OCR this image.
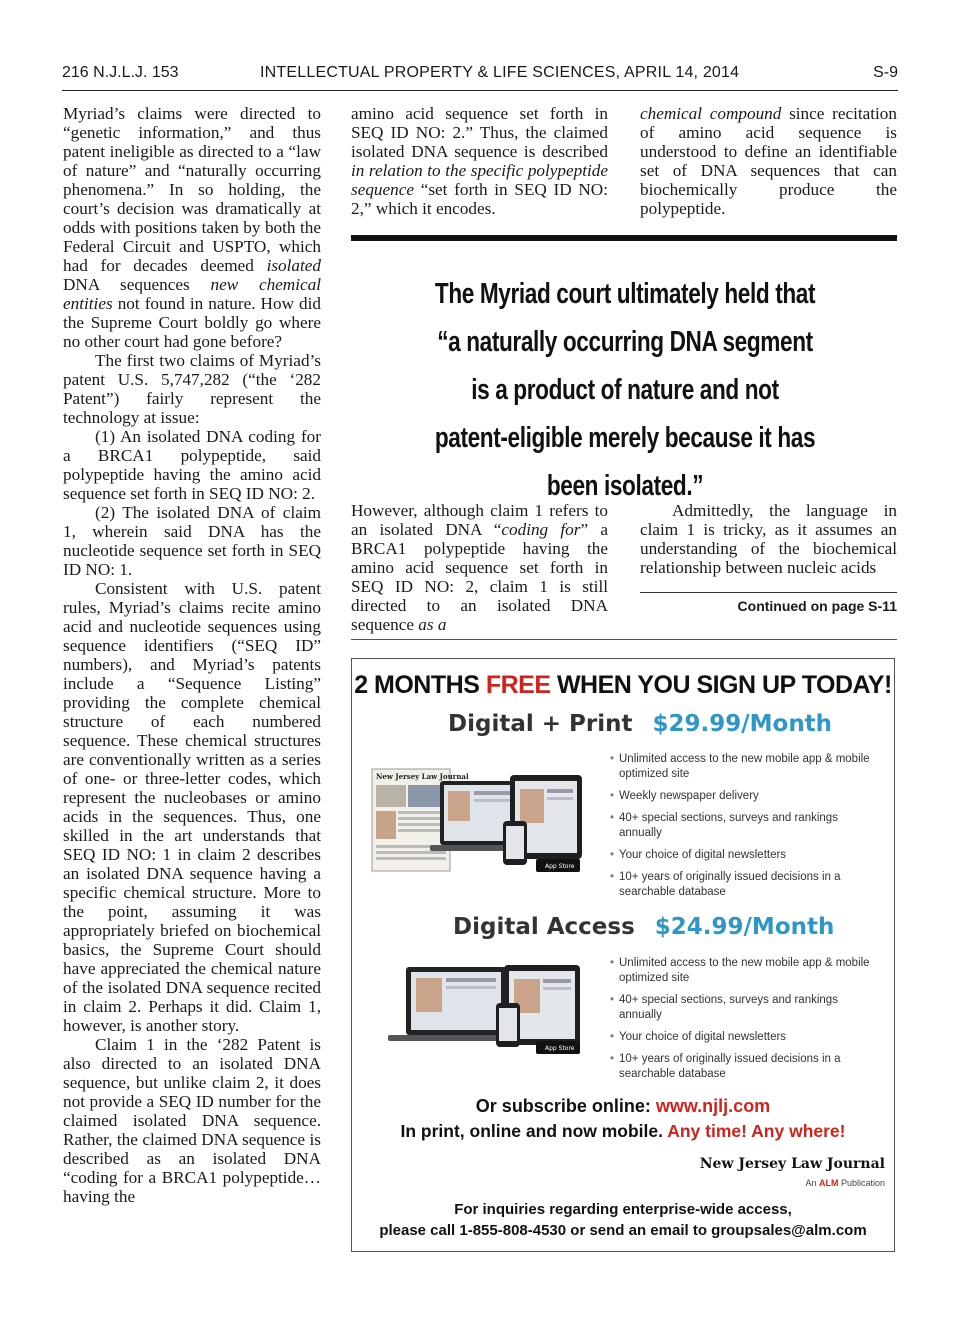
216 N.J.L.J. 153	INTELLECTUAL PROPERTY & LIFE SCIENCES, APRIL 14, 2014	S-9

Myriad’s claims were directed to “genetic information,” and thus patent ineligible as directed to a “law of nature” and “naturally occurring phenomena.” In so holding, the court’s decision was dramatically at odds with positions taken by both the Federal Circuit and USPTO, which had for decades deemed isolated DNA sequences new chemical entities not found in nature. How did the Supreme Court boldly go where no other court had gone before?

The first two claims of Myriad’s patent U.S. 5,747,282 (“the ‘282 Patent”) fairly represent the technology at issue:

(1) An isolated DNA coding for a BRCA1 polypeptide, said polypeptide having the amino acid sequence set forth in SEQ ID NO: 2.

(2) The isolated DNA of claim 1, wherein said DNA has the nucleotide sequence set forth in SEQ ID NO: 1.

Consistent with U.S. patent rules, Myriad’s claims recite amino acid and nucleotide sequences using sequence identifiers (“SEQ ID” numbers), and Myriad’s patents include a “Sequence Listing” providing the complete chemical structure of each numbered sequence. These chemical structures are conventionally written as a series of one- or three-letter codes, which represent the nucleobases or amino acids in the sequences. Thus, one skilled in the art understands that SEQ ID NO: 1 in claim 2 describes an isolated DNA sequence having a specific chemical structure. More to the point, assuming it was appropriately briefed on biochemical basics, the Supreme Court should have appreciated the chemical nature of the isolated DNA sequence recited in claim 2. Perhaps it did. Claim 1, however, is another story.

Claim 1 in the ‘282 Patent is also directed to an isolated DNA sequence, but unlike claim 2, it does not provide a SEQ ID number for the claimed isolated DNA sequence. Rather, the claimed DNA sequence is described as an isolated DNA “coding for a BRCA1 polypeptide…having the

amino acid sequence set forth in SEQ ID NO: 2.” Thus, the claimed isolated DNA sequence is described in relation to the specific polypeptide sequence “set forth in SEQ ID NO: 2,” which it encodes.

chemical compound since recitation of amino acid sequence is understood to define an identifiable set of DNA sequences that can biochemically produce the polypeptide.

The Myriad court ultimately held that “a naturally occurring DNA segment is a product of nature and not patent-eligible merely because it has been isolated.”

However, although claim 1 refers to an isolated DNA “coding for” a BRCA1 polypeptide having the amino acid sequence set forth in SEQ ID NO: 2, claim 1 is still directed to an isolated DNA sequence as a

Admittedly, the language in claim 1 is tricky, as it assumes an understanding of the biochemical relationship between nucleic acids

Continued on page S-11
2 MONTHS FREE WHEN YOU SIGN UP TODAY!
Digital + Print $29.99/Month
New Jersey Law Journal
App Store
• Unlimited access to the new mobile app & mobile optimized site
• Weekly newspaper delivery
• 40+ special sections, surveys and rankings annually
• Your choice of digital newsletters
• 10+ years of originally issued decisions in a searchable database
Digital Access $24.99/Month
App Store
• Unlimited access to the new mobile app & mobile optimized site
• 40+ special sections, surveys and rankings annually
• Your choice of digital newsletters
• 10+ years of originally issued decisions in a searchable database
Or subscribe online: www.njlj.com
In print, online and now mobile. Any time! Any where!
New Jersey Law Journal
An ALM Publication
For inquiries regarding enterprise-wide access,
please call 1-855-808-4530 or send an email to groupsales@alm.com
